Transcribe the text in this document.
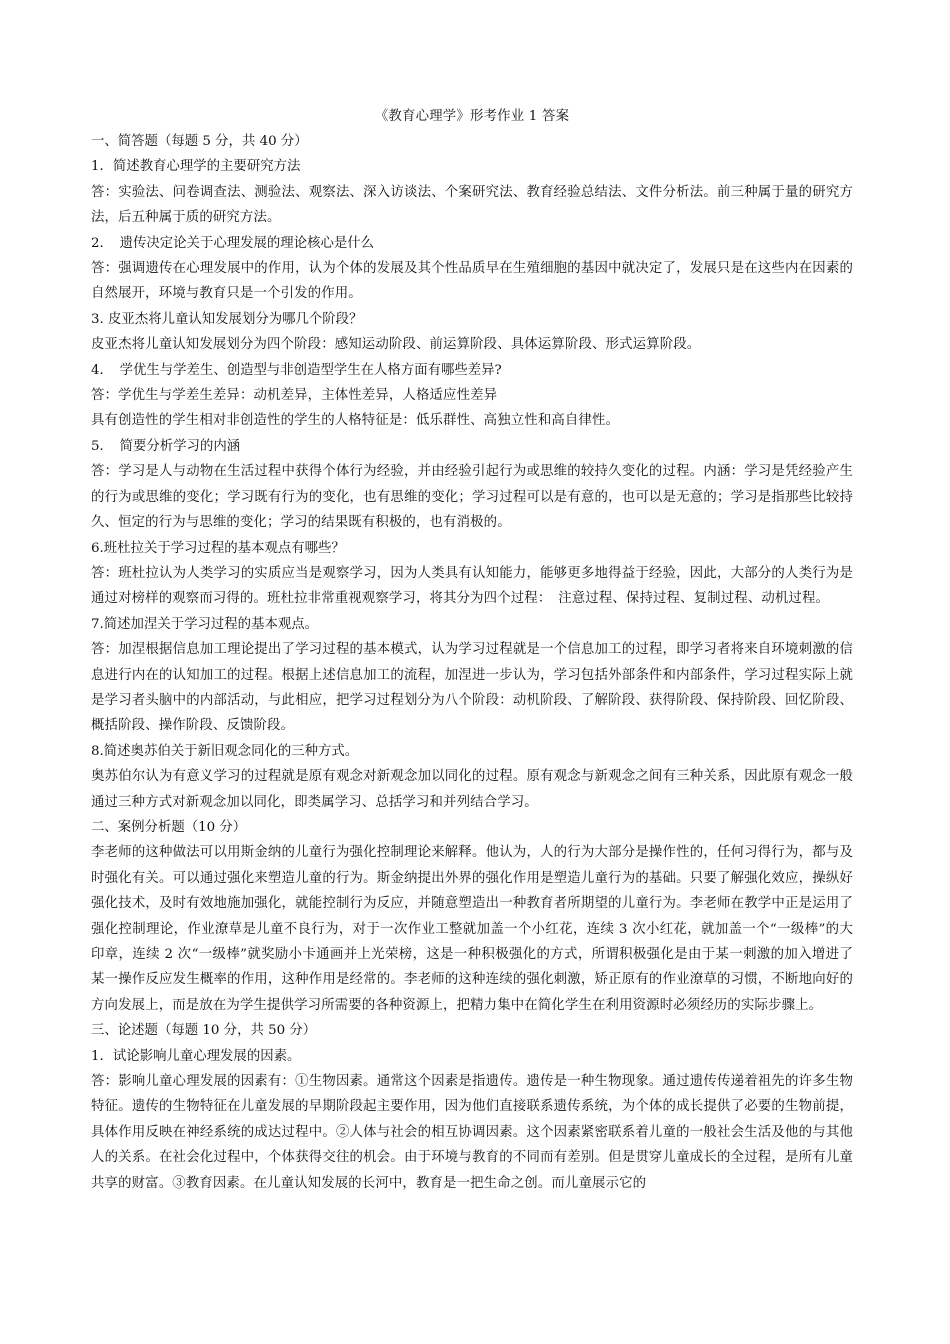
《教育心理学》形考作业 1 答案

一、简答题（每题 5 分，共 40 分）

1．简述教育心理学的主要研究方法

答：实验法、问卷调查法、测验法、观察法、深入访谈法、个案研究法、教育经验总结法、文件分析法。前三种属于量的研究方法，后五种属于质的研究方法。

2．　遗传决定论关于心理发展的理论核心是什么

答：强调遗传在心理发展中的作用，认为个体的发展及其个性品质早在生殖细胞的基因中就决定了，发展只是在这些内在因素的自然展开，环境与教育只是一个引发的作用。

3. 皮亚杰将儿童认知发展划分为哪几个阶段？

皮亚杰将儿童认知发展划分为四个阶段：感知运动阶段、前运算阶段、具体运算阶段、形式运算阶段。

4．　学优生与学差生、创造型与非创造型学生在人格方面有哪些差异?

答：学优生与学差生差异：动机差异，主体性差异，人格适应性差异

具有创造性的学生相对非创造性的学生的人格特征是：低乐群性、高独立性和高自律性。

5．　简要分析学习的内涵

答：学习是人与动物在生活过程中获得个体行为经验，并由经验引起行为或思维的较持久变化的过程。内涵：学习是凭经验产生的行为或思维的变化；学习既有行为的变化，也有思维的变化；学习过程可以是有意的，也可以是无意的；学习是指那些比较持久、恒定的行为与思维的变化；学习的结果既有积极的，也有消极的。

6.班杜拉关于学习过程的基本观点有哪些？

答：班杜拉认为人类学习的实质应当是观察学习，因为人类具有认知能力，能够更多地得益于经验，因此，大部分的人类行为是通过对榜样的观察而习得的。班杜拉非常重视观察学习，将其分为四个过程：　注意过程、保持过程、复制过程、动机过程。

7.简述加涅关于学习过程的基本观点。

答：加涅根据信息加工理论提出了学习过程的基本模式，认为学习过程就是一个信息加工的过程，即学习者将来自环境刺激的信息进行内在的认知加工的过程。根据上述信息加工的流程，加涅进一步认为，学习包括外部条件和内部条件，学习过程实际上就是学习者头脑中的内部活动，与此相应，把学习过程划分为八个阶段：动机阶段、了解阶段、获得阶段、保持阶段、回忆阶段、概括阶段、操作阶段、反馈阶段。

8.简述奥苏伯关于新旧观念同化的三种方式。

奥苏伯尔认为有意义学习的过程就是原有观念对新观念加以同化的过程。原有观念与新观念之间有三种关系，因此原有观念一般通过三种方式对新观念加以同化，即类属学习、总括学习和并列结合学习。

二、案例分析题（10 分）

李老师的这种做法可以用斯金纳的儿童行为强化控制理论来解释。他认为，人的行为大部分是操作性的，任何习得行为，都与及时强化有关。可以通过强化来塑造儿童的行为。斯金纳提出外界的强化作用是塑造儿童行为的基础。只要了解强化效应，操纵好强化技术，及时有效地施加强化，就能控制行为反应，并随意塑造出一种教育者所期望的儿童行为。李老师在教学中正是运用了强化控制理论，作业潦草是儿童不良行为，对于一次作业工整就加盖一个小红花，连续 3 次小红花，就加盖一个“一级棒”的大印章，连续 2 次“一级棒”就奖励小卡通画并上光荣榜，这是一种积极强化的方式，所谓积极强化是由于某一刺激的加入增进了某一操作反应发生概率的作用，这种作用是经常的。李老师的这种连续的强化刺激，矫正原有的作业潦草的习惯，不断地向好的方向发展上，而是放在为学生提供学习所需要的各种资源上，把精力集中在简化学生在利用资源时必须经历的实际步骤上。

三、论述题（每题 10 分，共 50 分）

1．试论影响儿童心理发展的因素。

答：影响儿童心理发展的因素有：①生物因素。通常这个因素是指遗传。遗传是一种生物现象。通过遗传传递着祖先的许多生物特征。遗传的生物特征在儿童发展的早期阶段起主要作用，因为他们直接联系遗传系统，为个体的成长提供了必要的生物前提，具体作用反映在神经系统的成达过程中。②人体与社会的相互协调因素。这个因素紧密联系着儿童的一般社会生活及他的与其他人的关系。在社会化过程中，个体获得交往的机会。由于环境与教育的不同而有差别。但是贯穿儿童成长的全过程，是所有儿童共享的财富。③教育因素。在儿童认知发展的长河中，教育是一把生命之创。而儿童展示它的
